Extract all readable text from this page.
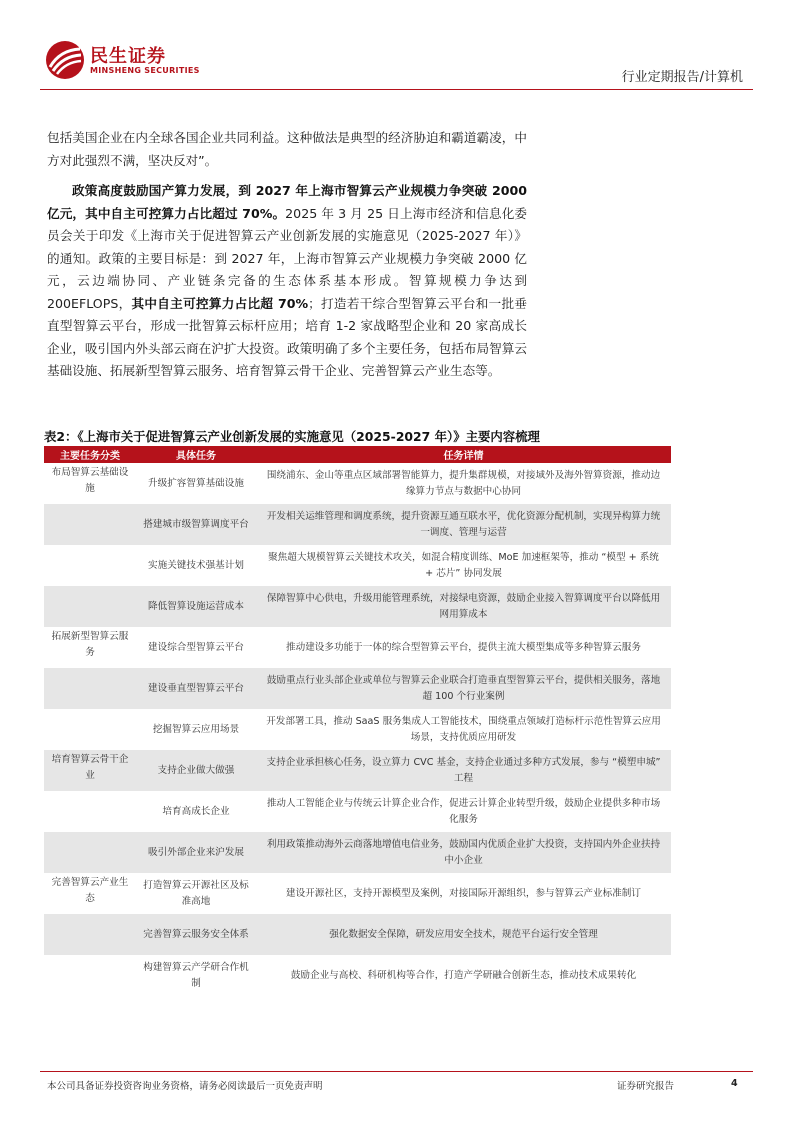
民生证券
MINSHENG SECURITIES	行业定期报告/计算机
包括美国企业在内全球各国企业共同利益。这种做法是典型的经济胁迫和霸道霸凌，中方对此强烈不满，坚决反对”。
政策高度鼓励国产算力发展，到 2027 年上海市智算云产业规模力争突破 2000 亿元，其中自主可控算力占比超过 70%。2025 年 3 月 25 日上海市经济和信息化委员会关于印发《上海市关于促进智算云产业创新发展的实施意见（2025-2027 年）》的通知。政策的主要目标是：到 2027 年，上海市智算云产业规模力争突破 2000 亿元，云边端协同、产业链条完备的生态体系基本形成。智算规模力争达到 200EFLOPS，其中自主可控算力占比超 70%；打造若干综合型智算云平台和一批垂直型智算云平台，形成一批智算云标杆应用；培育 1-2 家战略型企业和 20 家高成长企业，吸引国内外头部云商在沪扩大投资。政策明确了多个主要任务，包括布局智算云基础设施、拓展新型智算云服务、培育智算云骨干企业、完善智算云产业生态等。
表2：《上海市关于促进智算云产业创新发展的实施意见（2025-2027 年）》主要内容梳理
主要任务分类	具体任务	任务详情
布局智算云基础设施	升级扩容智算基础设施	围绕浦东、金山等重点区域部署智能算力，提升集群规模，对接域外及海外智算资源，推动边缘算力节点与数据中心协同
	搭建城市级智算调度平台	开发相关运维管理和调度系统，提升资源互通互联水平，优化资源分配机制，实现异构算力统一调度、管理与运营
	实施关键技术强基计划	聚焦超大规模智算云关键技术攻关，如混合精度训练、MoE 加速框架等，推动 “模型 + 系统 + 芯片” 协同发展
	降低智算设施运营成本	保障智算中心供电，升级用能管理系统，对接绿电资源，鼓励企业接入智算调度平台以降低用网用算成本
拓展新型智算云服务	建设综合型智算云平台	推动建设多功能于一体的综合型智算云平台，提供主流大模型集成等多种智算云服务
	建设垂直型智算云平台	鼓励重点行业头部企业或单位与智算云企业联合打造垂直型智算云平台，提供相关服务，落地超 100 个行业案例
	挖掘智算云应用场景	开发部署工具，推动 SaaS 服务集成人工智能技术，围绕重点领域打造标杆示范性智算云应用场景，支持优质应用研发
培育智算云骨干企业	支持企业做大做强	支持企业承担核心任务，设立算力 CVC 基金，支持企业通过多种方式发展，参与 “模塑申城” 工程
	培育高成长企业	推动人工智能企业与传统云计算企业合作，促进云计算企业转型升级，鼓励企业提供多种市场化服务
	吸引外部企业来沪发展	利用政策推动海外云商落地增值电信业务，鼓励国内优质企业扩大投资，支持国内外企业扶持中小企业
完善智算云产业生态	打造智算云开源社区及标准高地	建设开源社区，支持开源模型及案例，对接国际开源组织，参与智算云产业标准制订
	完善智算云服务安全体系	强化数据安全保障，研发应用安全技术，规范平台运行安全管理
	构建智算云产学研合作机制	鼓励企业与高校、科研机构等合作，打造产学研融合创新生态，推动技术成果转化
本公司具备证券投资咨询业务资格，请务必阅读最后一页免责声明	证券研究报告	4
